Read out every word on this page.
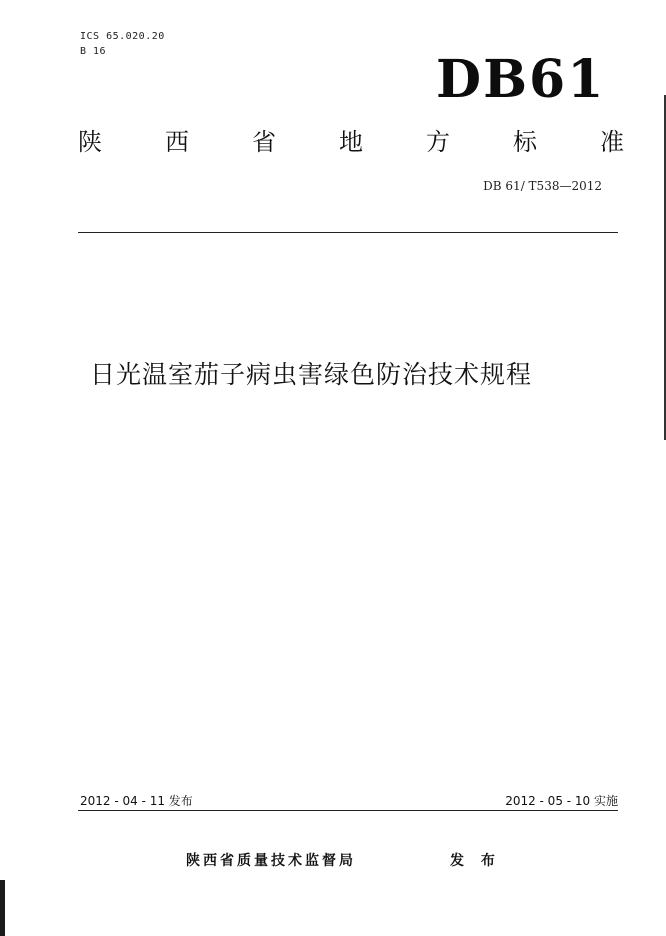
ICS 65.020.20
B 16	DB61
陕	西	省	地	方	标	准
DB 61/ T538—2012
日光温室茄子病虫害绿色防治技术规程
2012 - 04 - 11 发布	2012 - 05 - 10 实施
陕西省质量技术监督局	发 布
